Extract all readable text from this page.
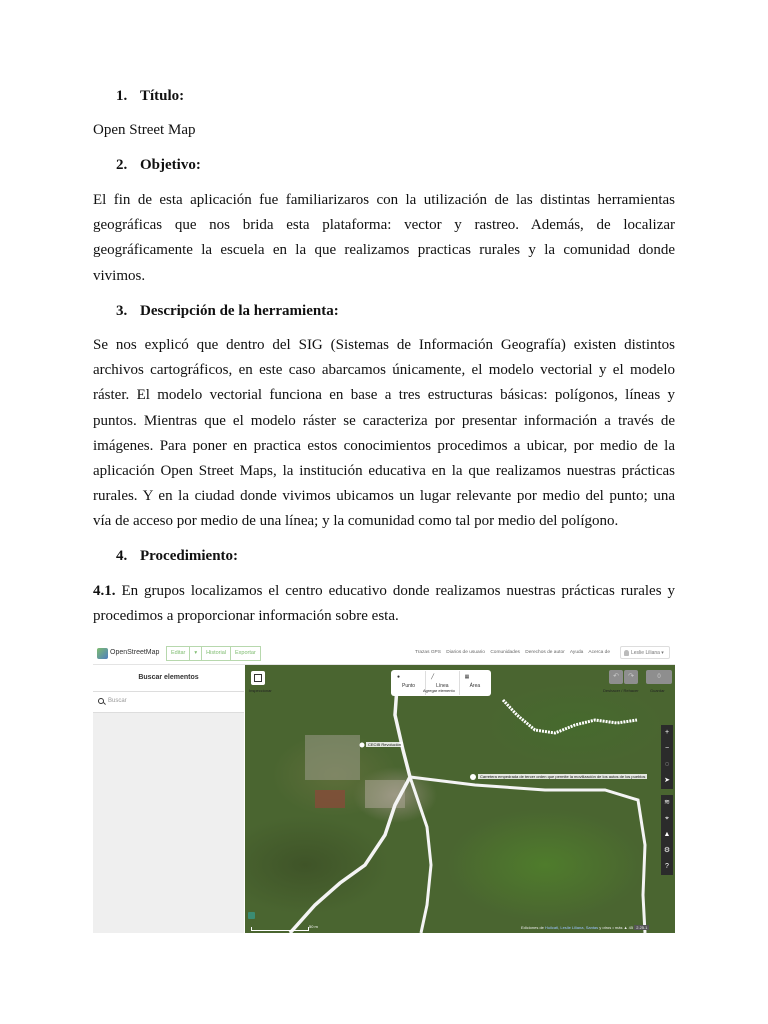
1. Título:
Open Street Map
2. Objetivo:
El fin de esta aplicación fue familiarizaros con la utilización de las distintas herramientas
geográficas que nos brida esta plataforma: vector y rastreo. Además, de localizar
geográficamente la escuela en la que realizamos practicas rurales y la comunidad donde
vivimos.
3. Descripción de la herramienta:
Se nos explicó que dentro del SIG (Sistemas de Información Geografía) existen distintos
archivos cartográficos, en este caso abarcamos únicamente, el modelo vectorial y el modelo
ráster. El modelo vectorial funciona en base a tres estructuras básicas: polígonos, líneas y
puntos. Mientras que el modelo ráster se caracteriza por presentar información a través de
imágenes. Para poner en practica estos conocimientos procedimos a ubicar, por medio de la
aplicación Open Street Maps, la institución educativa en la que realizamos nuestras prácticas
rurales. Y en la ciudad donde vivimos ubicamos un lugar relevante por medio del punto; una
vía de acceso por medio de una línea; y la comunidad como tal por medio del polígono.
4. Procedimiento:
4.1. En grupos localizamos el centro educativo donde realizamos nuestras prácticas rurales y
procedimos a proporcionar información sobre esta.
OpenStreetMap	Editar	▾	Historial	Exportar	Trazas GPS Diarios de usuario Comunidades Derechos de autor Ayuda Acerca de	Leslie Liliana ▾
Buscar elementos
Buscar
CECIB Revolución
Carretera empedrada de tercer orden que permite la movilización de los autos de los pueblos
Inspeccionar
●
Punto
╱
Línea
▦
Área
Agregar elemento
↶	↷
Deshacer / Rehacer
0
Guardar
+
−
◌
➤
≋
⌖
▲
⚙
?
50 m	Ediciones de Huilcatl, Leslie Liliana, Santas y otros • más ▲ 45 2.25.1
